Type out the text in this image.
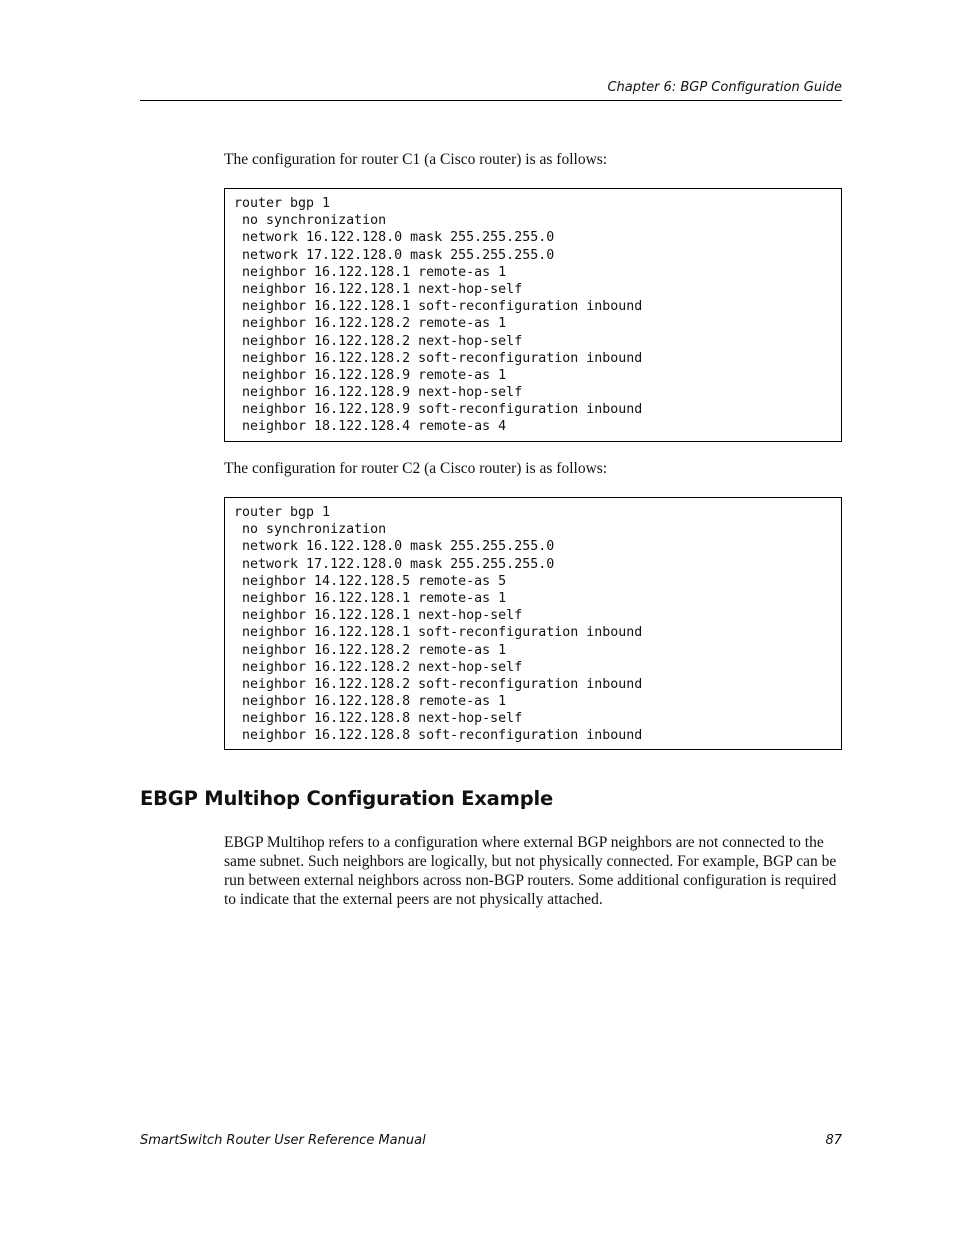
Chapter 6: BGP Configuration Guide

The configuration for router C1 (a Cisco router) is as follows:

router bgp 1
no synchronization
network 16.122.128.0 mask 255.255.255.0
network 17.122.128.0 mask 255.255.255.0
neighbor 16.122.128.1 remote-as 1
neighbor 16.122.128.1 next-hop-self
neighbor 16.122.128.1 soft-reconfiguration inbound
neighbor 16.122.128.2 remote-as 1
neighbor 16.122.128.2 next-hop-self
neighbor 16.122.128.2 soft-reconfiguration inbound
neighbor 16.122.128.9 remote-as 1
neighbor 16.122.128.9 next-hop-self
neighbor 16.122.128.9 soft-reconfiguration inbound
neighbor 18.122.128.4 remote-as 4

The configuration for router C2 (a Cisco router) is as follows:

router bgp 1
no synchronization
network 16.122.128.0 mask 255.255.255.0
network 17.122.128.0 mask 255.255.255.0
neighbor 14.122.128.5 remote-as 5
neighbor 16.122.128.1 remote-as 1
neighbor 16.122.128.1 next-hop-self
neighbor 16.122.128.1 soft-reconfiguration inbound
neighbor 16.122.128.2 remote-as 1
neighbor 16.122.128.2 next-hop-self
neighbor 16.122.128.2 soft-reconfiguration inbound
neighbor 16.122.128.8 remote-as 1
neighbor 16.122.128.8 next-hop-self
neighbor 16.122.128.8 soft-reconfiguration inbound
EBGP Multihop Configuration Example

EBGP Multihop refers to a configuration where external BGP neighbors are not connected to the same subnet. Such neighbors are logically, but not physically connected. For example, BGP can be run between external neighbors across non-BGP routers. Some additional configuration is required to indicate that the external peers are not physically attached.

SmartSwitch Router User Reference Manual	87
